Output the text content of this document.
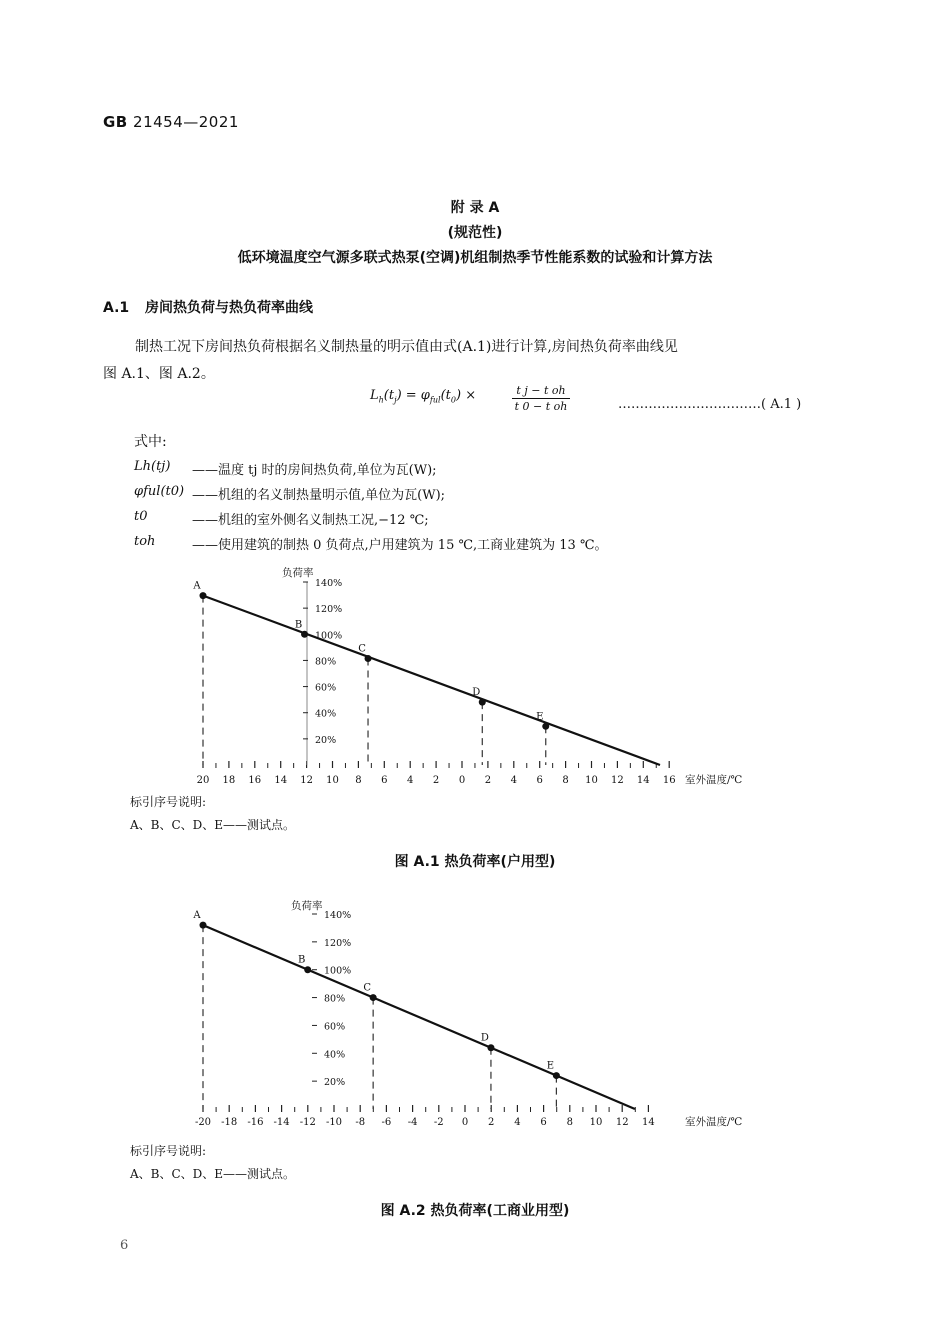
GB 21454—2021
附 录 A
(规范性)
低环境温度空气源多联式热泵(空调)机组制热季节性能系数的试验和计算方法
A.1 房间热负荷与热负荷率曲线
制热工况下房间热负荷根据名义制热量的明示值由式(A.1)进行计算,房间热负荷率曲线见
图 A.1、图 A.2。
$L_h(t_j) = \varphi_{ful}(t_0)$ ×	t j − t oh
t 0 − t oh	……………………………( A.1 )
式中:
Lh(tj) ——温度 tj 时的房间热负荷,单位为瓦(W);
φful(t0) ——机组的名义制热量明示值,单位为瓦(W);
t0	——机组的室外侧名义制热工况,−12 ℃;
toh	——使用建筑的制热 0 负荷点,户用建筑为 15 ℃,工商业建筑为 13 ℃。
20 18 16 14 12 10 8 6 4 2 0 2 4 6 8 10 12 14 16 室外温度/℃
负荷率
140%
120%
100%
80%
60%
40%
20%
A
B
C
D
E
标引序号说明:
A、B、C、D、E——测试点。
图 A.1 热负荷率(户用型)
-20 -18 -16 -14 -12 -10 -8 -6 -4 -2 0 2 4 6 8 10 12 14	室外温度/℃
负荷率
140%
120%
100%
80%
60%
40%
20%
A
B
C
D
E
标引序号说明:
A、B、C、D、E——测试点。
图 A.2 热负荷率(工商业用型)
6
